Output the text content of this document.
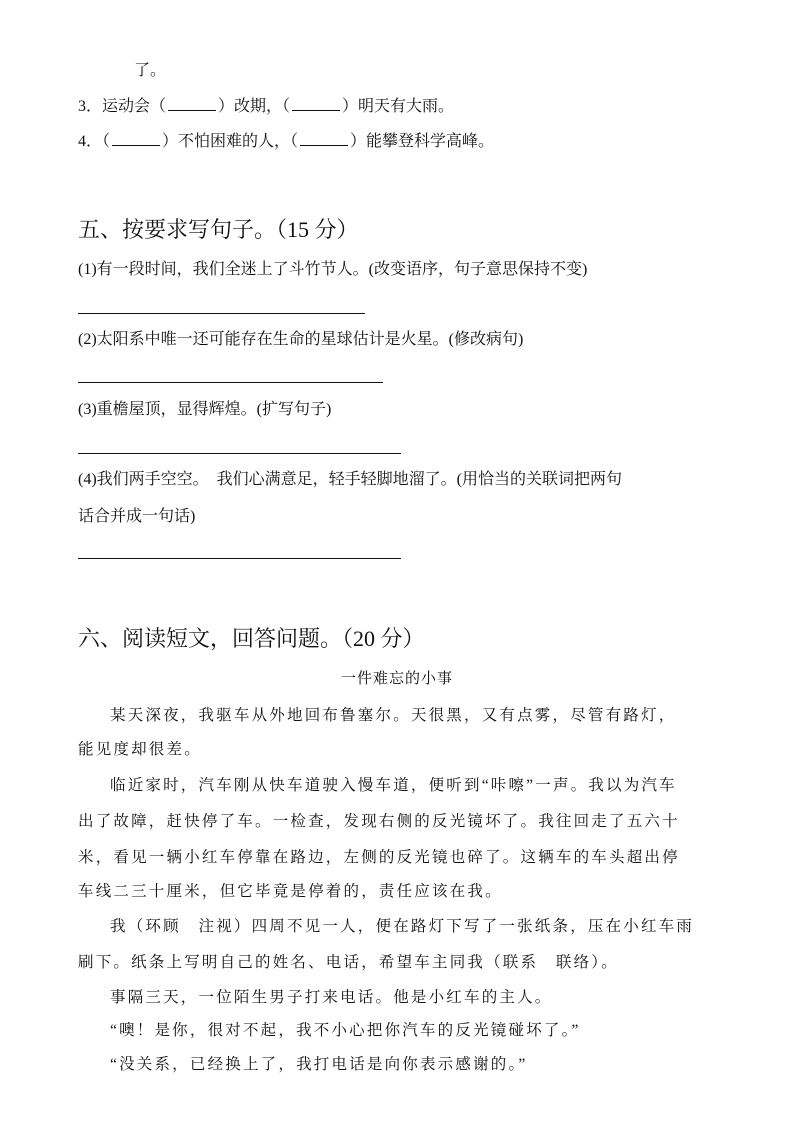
了。
3．运动会（	）改期，（	）明天有大雨。
4．（	）不怕困难的人，（	）能攀登科学高峰。
五、按要求写句子。（15 分）
(1)有一段时间，我们全迷上了斗竹节人。(改变语序，句子意思保持不变)
(2)太阳系中唯一还可能存在生命的星球估计是火星。(修改病句)
(3)重檐屋顶，显得辉煌。(扩写句子)
(4)我们两手空空。　我们心满意足，轻手轻脚地溜了。(用恰当的关联词把两句
话合并成一句话)
六、阅读短文，回答问题。（20 分）
一件难忘的小事
某天深夜，我驱车从外地回布鲁塞尔。天很黑，又有点雾，尽管有路灯，
能见度却很差。
临近家时，汽车刚从快车道驶入慢车道，便听到“咔嚓”一声。我以为汽车
出了故障，赶快停了车。一检查，发现右侧的反光镜坏了。我往回走了五六十
米，看见一辆小红车停靠在路边，左侧的反光镜也碎了。这辆车的车头超出停
车线二三十厘米，但它毕竟是停着的，责任应该在我。
我（环顾　注视）四周不见一人，便在路灯下写了一张纸条，压在小红车雨
刷下。纸条上写明自己的姓名、电话，希望车主同我（联系　联络）。
事隔三天，一位陌生男子打来电话。他是小红车的主人。
“噢！是你，很对不起，我不小心把你汽车的反光镜碰坏了。”
“没关系，已经换上了，我打电话是向你表示感谢的。”
